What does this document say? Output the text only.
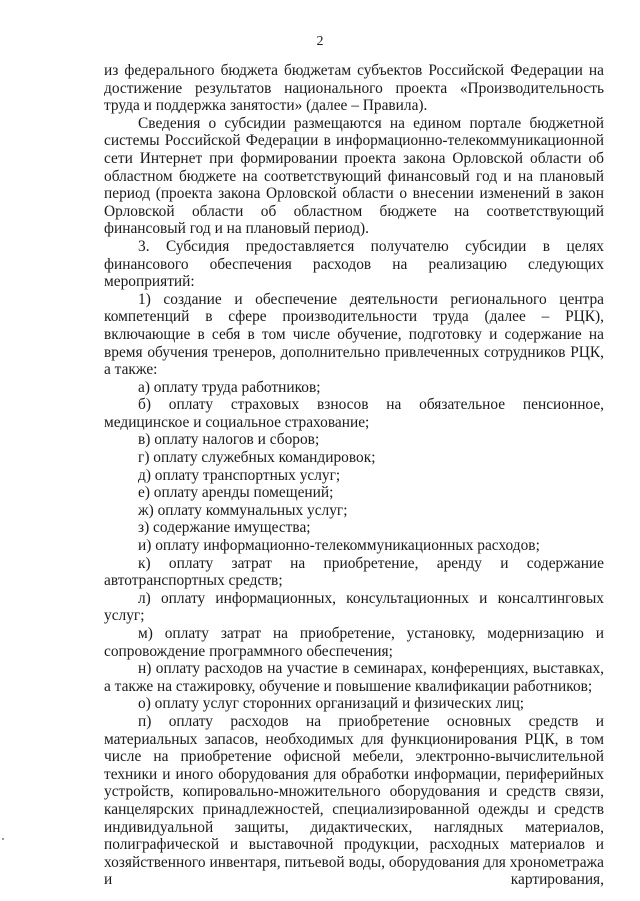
2

из федерального бюджета бюджетам субъектов Российской Федерации на достижение результатов национального проекта «Производительность труда и поддержка занятости» (далее – Правила).

Сведения о субсидии размещаются на едином портале бюджетной системы Российской Федерации в информационно-телекоммуникационной сети Интернет при формировании проекта закона Орловской области об областном бюджете на соответствующий финансовый год и на плановый период (проекта закона Орловской области о внесении изменений в закон Орловской области об областном бюджете на соответствующий финансовый год и на плановый период).

3. Субсидия предоставляется получателю субсидии в целях финансового обеспечения расходов на реализацию следующих мероприятий:

1) создание и обеспечение деятельности регионального центра компетенций в сфере производительности труда (далее – РЦК), включающие в себя в том числе обучение, подготовку и содержание на время обучения тренеров, дополнительно привлеченных сотрудников РЦК, а также:

а) оплату труда работников;

б) оплату страховых взносов на обязательное пенсионное, медицинское и социальное страхование;

в) оплату налогов и сборов;

г) оплату служебных командировок;

д) оплату транспортных услуг;

е) оплату аренды помещений;

ж) оплату коммунальных услуг;

з) содержание имущества;

и) оплату информационно-телекоммуникационных расходов;

к) оплату затрат на приобретение, аренду и содержание автотранспортных средств;

л) оплату информационных, консультационных и консалтинговых услуг;

м) оплату затрат на приобретение, установку, модернизацию и сопровождение программного обеспечения;

н) оплату расходов на участие в семинарах, конференциях, выставках, а также на стажировку, обучение и повышение квалификации работников;

о) оплату услуг сторонних организаций и физических лиц;

п) оплату расходов на приобретение основных средств и материальных запасов, необходимых для функционирования РЦК, в том числе на приобретение офисной мебели, электронно-вычислительной техники и иного оборудования для обработки информации, периферийных устройств, копировально-множительного оборудования и средств связи, канцелярских принадлежностей, специализированной одежды и средств индивидуальной защиты, дидактических, наглядных материалов, полиграфической и выставочной продукции, расходных материалов и хозяйственного инвентаря, питьевой воды, оборудования для хронометража и картирования,
